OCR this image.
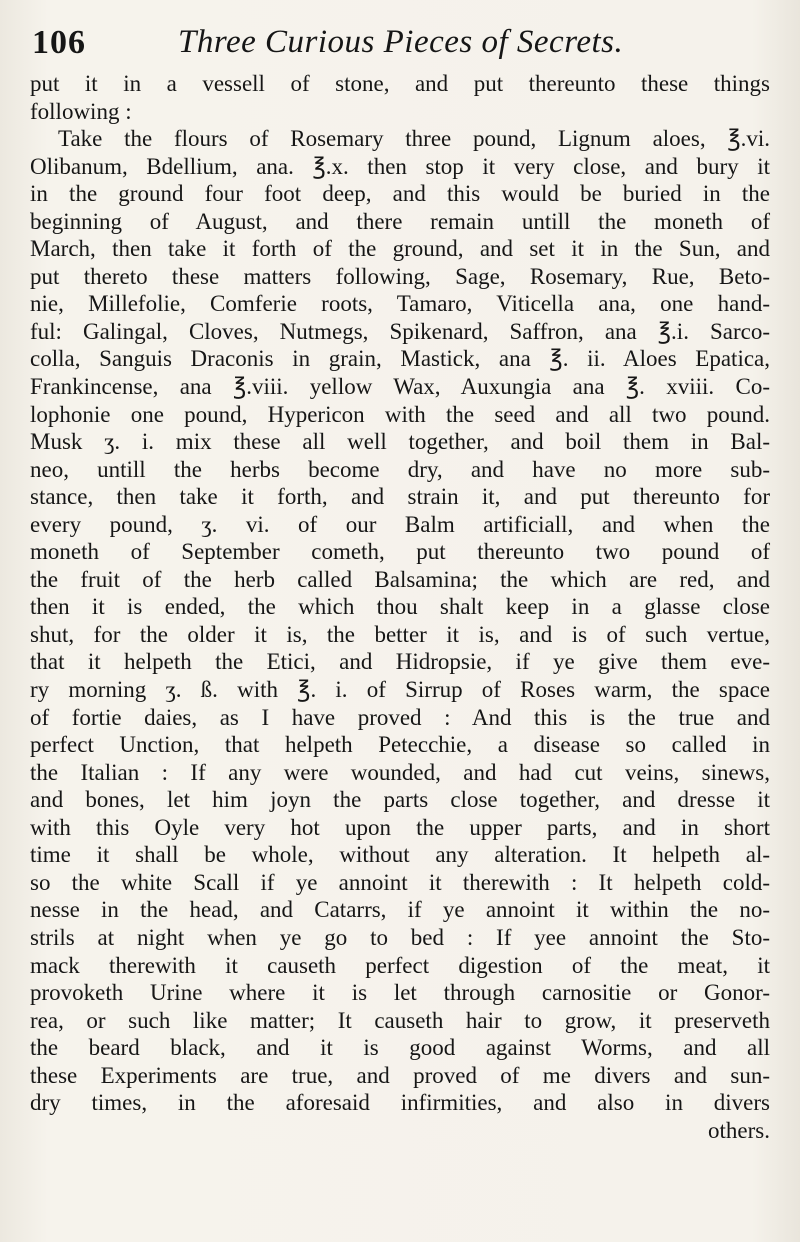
106	Three Curious Pieces of Secrets.
put it in a vessell of stone, and put thereunto these things
following :
Take the flours of Rosemary three pound, Lignum aloes, ℥.vi.
Olibanum, Bdellium, ana. ℥.x. then stop it very close, and bury it
in the ground four foot deep, and this would be buried in the
beginning of August, and there remain untill the moneth of
March, then take it forth of the ground, and set it in the Sun, and
put thereto these matters following, Sage, Rosemary, Rue, Beto-
nie, Millefolie, Comferie roots, Tamaro, Viticella ana, one hand-
ful: Galingal, Cloves, Nutmegs, Spikenard, Saffron, ana ℥.i. Sarco-
colla, Sanguis Draconis in grain, Mastick, ana ℥. ii. Aloes Epatica,
Frankincense, ana ℥.viii. yellow Wax, Auxungia ana ℥. xviii. Co-
lophonie one pound, Hypericon with the seed and all two pound.
Musk ʒ. i. mix these all well together, and boil them in Bal-
neo, untill the herbs become dry, and have no more sub-
stance, then take it forth, and strain it, and put thereunto for
every pound, ʒ. vi. of our Balm artificiall, and when the
moneth of September cometh, put thereunto two pound of
the fruit of the herb called Balsamina; the which are red, and
then it is ended, the which thou shalt keep in a glasse close
shut, for the older it is, the better it is, and is of such vertue,
that it helpeth the Etici, and Hidropsie, if ye give them eve-
ry morning ʒ. ß. with ℥. i. of Sirrup of Roses warm, the space
of fortie daies, as I have proved : And this is the true and
perfect Unction, that helpeth Petecchie, a disease so called in
the Italian : If any were wounded, and had cut veins, sinews,
and bones, let him joyn the parts close together, and dresse it
with this Oyle very hot upon the upper parts, and in short
time it shall be whole, without any alteration. It helpeth al-
so the white Scall if ye annoint it therewith : It helpeth cold-
nesse in the head, and Catarrs, if ye annoint it within the no-
strils at night when ye go to bed : If yee annoint the Sto-
mack therewith it causeth perfect digestion of the meat, it
provoketh Urine where it is let through carnositie or Gonor-
rea, or such like matter; It causeth hair to grow, it preserveth
the beard black, and it is good against Worms, and all
these Experiments are true, and proved of me divers and sun-
dry times, in the aforesaid infirmities, and also in divers
others.
